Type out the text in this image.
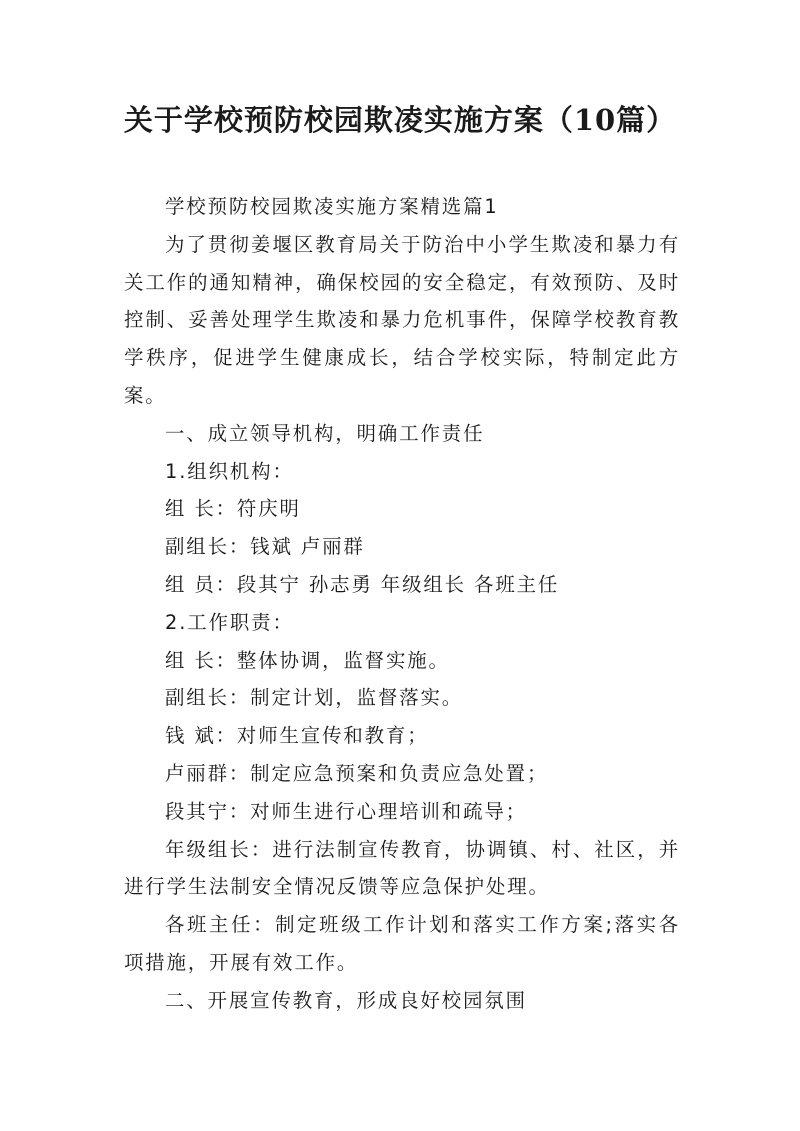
关于学校预防校园欺凌实施方案（10篇）

学校预防校园欺凌实施方案精选篇1

为了贯彻姜堰区教育局关于防治中小学生欺凌和暴力有关工作的通知精神，确保校园的安全稳定，有效预防、及时控制、妥善处理学生欺凌和暴力危机事件，保障学校教育教学秩序，促进学生健康成长，结合学校实际，特制定此方案。

一、成立领导机构，明确工作责任

1.组织机构：

组 长：符庆明

副组长：钱斌 卢丽群

组 员：段其宁 孙志勇 年级组长 各班主任

2.工作职责：

组 长：整体协调，监督实施。

副组长：制定计划，监督落实。

钱 斌：对师生宣传和教育；

卢丽群：制定应急预案和负责应急处置；

段其宁：对师生进行心理培训和疏导；

年级组长：进行法制宣传教育，协调镇、村、社区，并进行学生法制安全情况反馈等应急保护处理。

各班主任：制定班级工作计划和落实工作方案;落实各项措施，开展有效工作。

二、开展宣传教育，形成良好校园氛围
